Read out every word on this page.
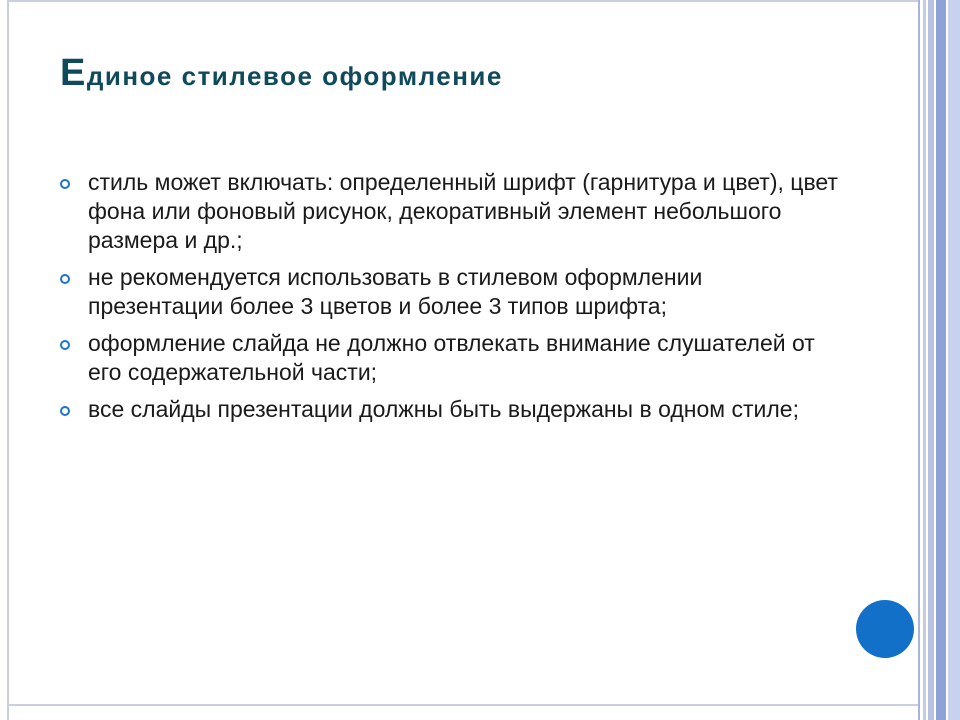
Единое стилевое оформление
стиль может включать: определенный шрифт (гарнитура и цвет), цвет фона или фоновый рисунок, декоративный элемент небольшого размера и др.;
не рекомендуется использовать в стилевом оформлении презентации более 3 цветов и более 3 типов шрифта;
оформление слайда не должно отвлекать внимание слушателей от его содержательной части;
все слайды презентации должны быть выдержаны в одном стиле;
